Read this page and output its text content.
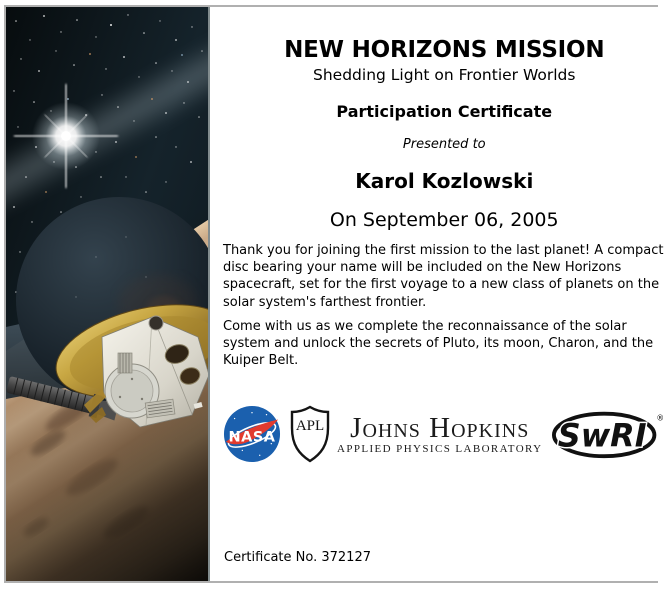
NEW HORIZONS MISSION
Shedding Light on Frontier Worlds
Participation Certificate
Presented to
Karol Kozlowski
On September 06, 2005
Thank you for joining the first mission to the last planet! A compact
disc bearing your name will be included on the New Horizons
spacecraft, set for the first voyage to a new class of planets on the
solar system's farthest frontier.
Come with us as we complete the reconnaissance of the solar
system and unlock the secrets of Pluto, its moon, Charon, and the
Kuiper Belt.
NASA
APL Johns Hopkins
APPLIED PHYSICS LABORATORY SwRI ®
Certificate No. 372127
